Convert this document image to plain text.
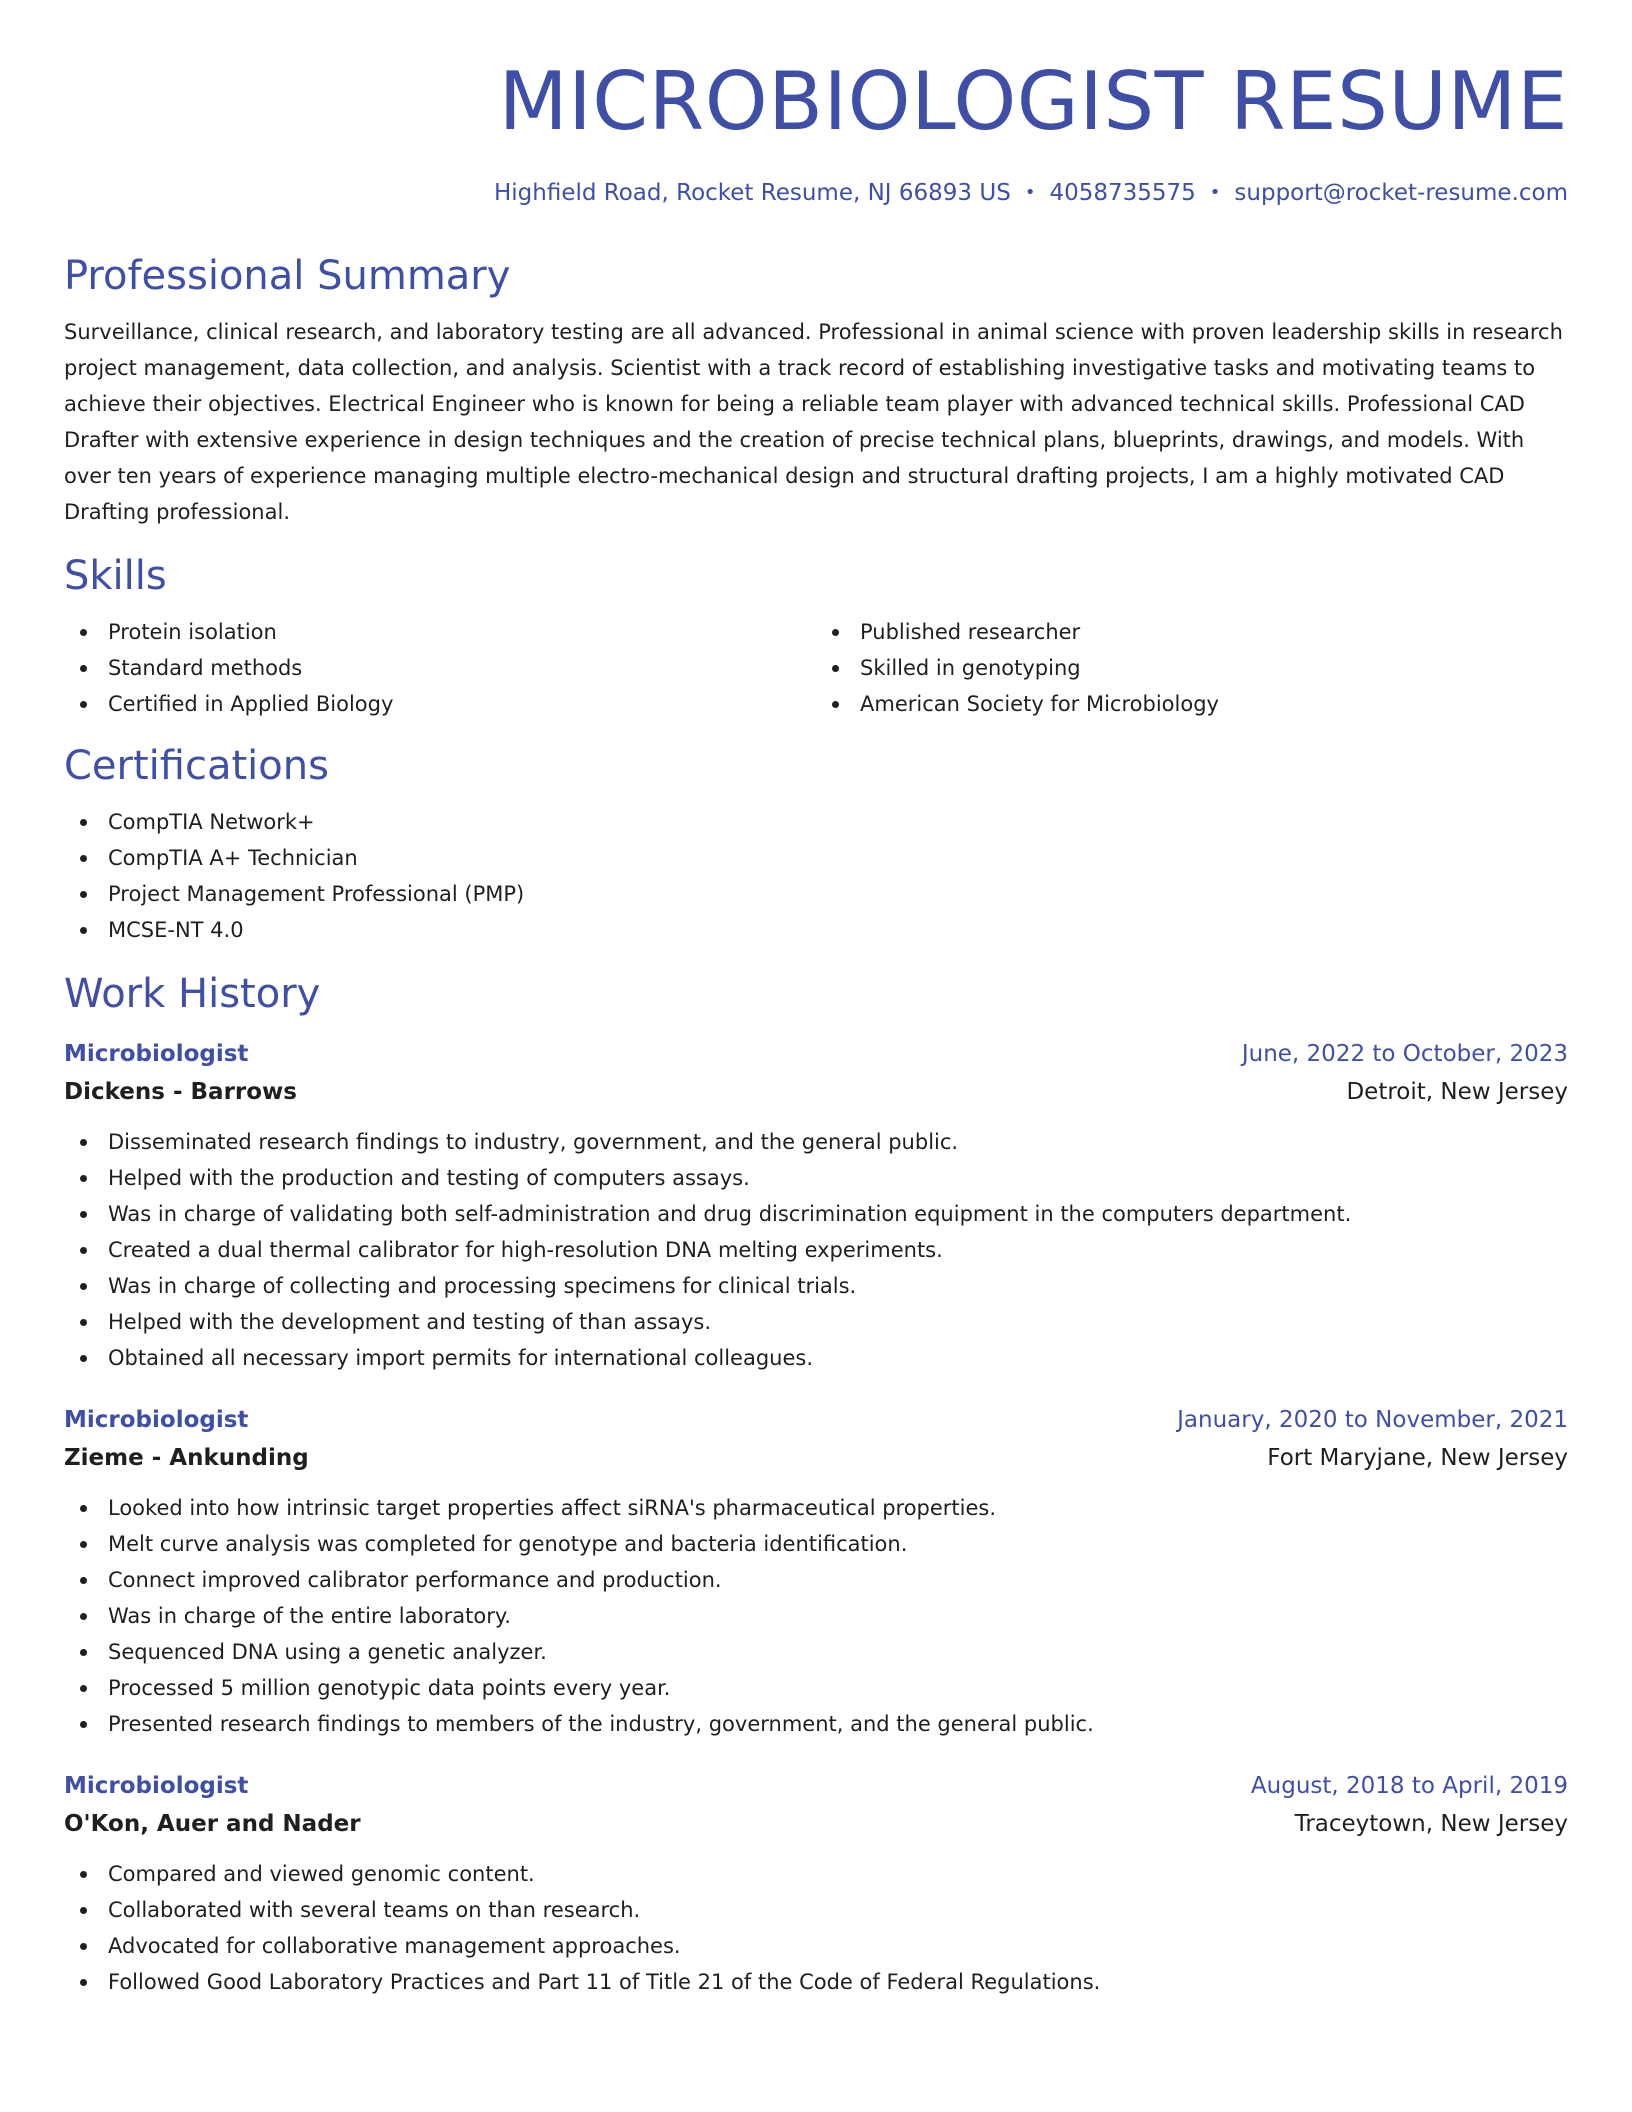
MICROBIOLOGIST RESUME
Highfield Road, Rocket Resume, NJ 66893 US • 4058735575 • support@rocket-resume.com
Professional Summary

Surveillance, clinical research, and laboratory testing are all advanced. Professional in animal science with proven leadership skills in research project management, data collection, and analysis. Scientist with a track record of establishing investigative tasks and motivating teams to achieve their objectives. Electrical Engineer who is known for being a reliable team player with advanced technical skills. Professional CAD Drafter with extensive experience in design techniques and the creation of precise technical plans, blueprints, drawings, and models. With over ten years of experience managing multiple electro-mechanical design and structural drafting projects, I am a highly motivated CAD Drafting professional.

Skills
Protein isolation
Standard methods
Certified in Applied Biology
Published researcher
Skilled in genotyping
American Society for Microbiology
Certifications
CompTIA Network+
CompTIA A+ Technician
Project Management Professional (PMP)
MCSE-NT 4.0
Work History
Microbiologist	June, 2022 to October, 2023
Dickens - Barrows	Detroit, New Jersey
Disseminated research findings to industry, government, and the general public.
Helped with the production and testing of computers assays.
Was in charge of validating both self-administration and drug discrimination equipment in the computers department.
Created a dual thermal calibrator for high-resolution DNA melting experiments.
Was in charge of collecting and processing specimens for clinical trials.
Helped with the development and testing of than assays.
Obtained all necessary import permits for international colleagues.
Microbiologist	January, 2020 to November, 2021
Zieme - Ankunding	Fort Maryjane, New Jersey
Looked into how intrinsic target properties affect siRNA's pharmaceutical properties.
Melt curve analysis was completed for genotype and bacteria identification.
Connect improved calibrator performance and production.
Was in charge of the entire laboratory.
Sequenced DNA using a genetic analyzer.
Processed 5 million genotypic data points every year.
Presented research findings to members of the industry, government, and the general public.
Microbiologist	August, 2018 to April, 2019
O'Kon, Auer and Nader	Traceytown, New Jersey
Compared and viewed genomic content.
Collaborated with several teams on than research.
Advocated for collaborative management approaches.
Followed Good Laboratory Practices and Part 11 of Title 21 of the Code of Federal Regulations.
